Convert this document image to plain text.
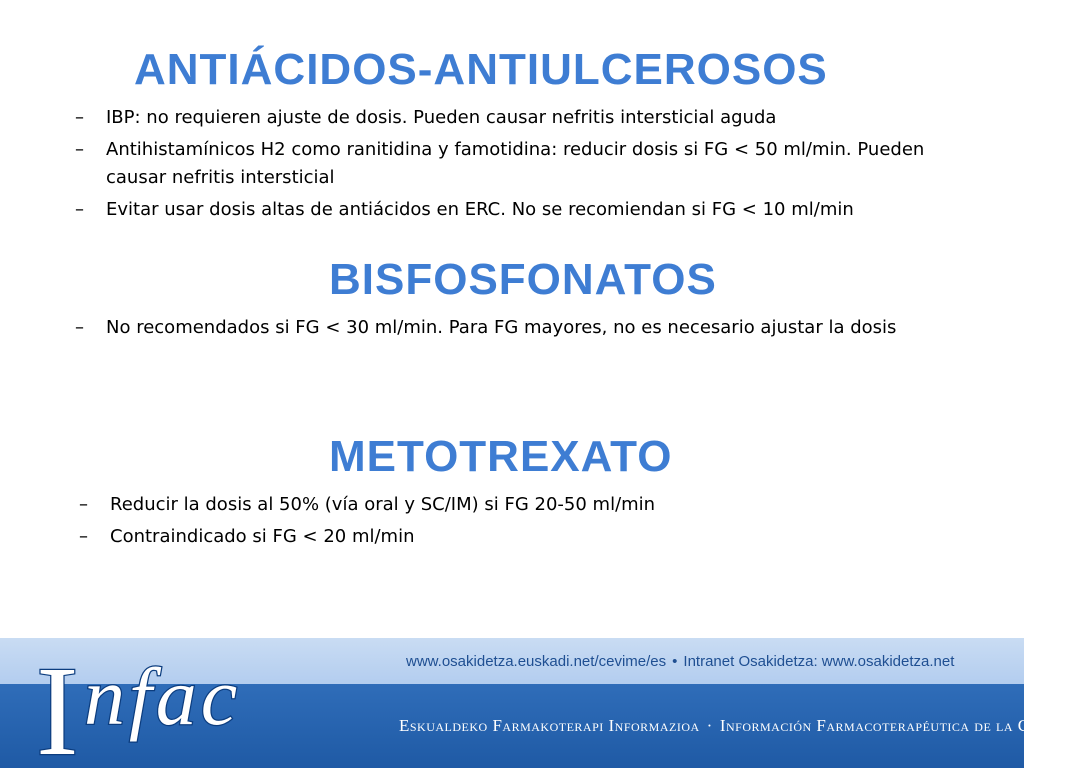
ANTIÁCIDOS-ANTIULCEROSOS
– IBP: no requieren ajuste de dosis. Pueden causar nefritis intersticial aguda
– Antihistamínicos H2 como ranitidina y famotidina: reducir dosis si FG < 50 ml/min. Pueden causar nefritis intersticial
– Evitar usar dosis altas de antiácidos en ERC. No se recomiendan si FG < 10 ml/min
BISFOSFONATOS
– No recomendados si FG < 30 ml/min. Para FG mayores, no es necesario ajustar la dosis
METOTREXATO
– Reducir la dosis al 50% (vía oral y SC/IM) si FG 20-50 ml/min
– Contraindicado si FG < 20 ml/min
www.osakidetza.euskadi.net/cevime/es • Intranet Osakidetza: www.osakidetza.net
Eskualdeko Farmakoterapi Informazioa · Información Farmacoterapéutica de la Comarca
I nfac
